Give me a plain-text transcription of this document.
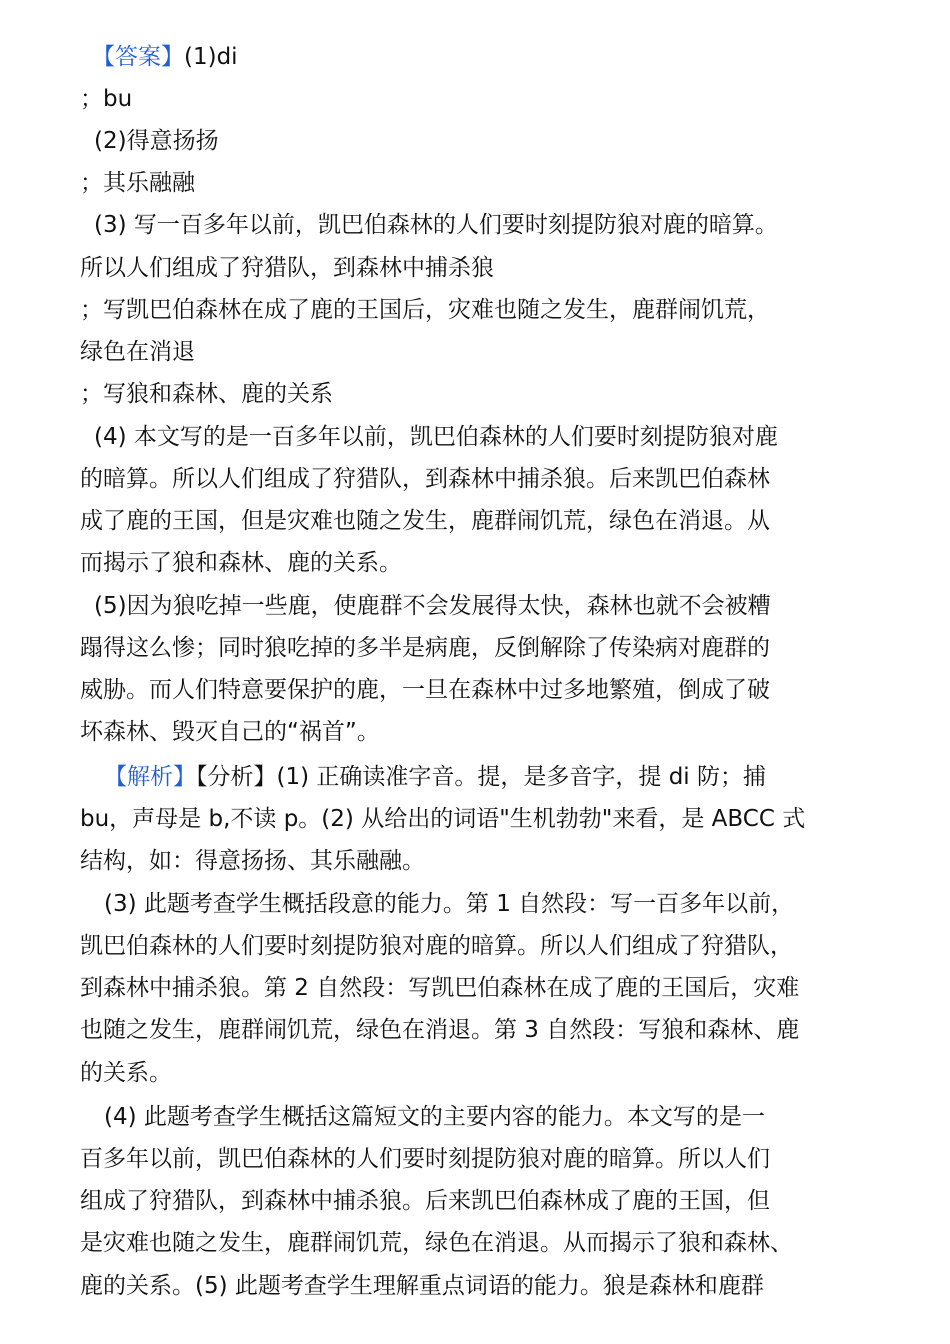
【答案】(1)di
；bu
(2)得意扬扬
；其乐融融
(3) 写一百多年以前，凯巴伯森林的人们要时刻提防狼对鹿的暗算。
所以人们组成了狩猎队，到森林中捕杀狼
；写凯巴伯森林在成了鹿的王国后，灾难也随之发生，鹿群闹饥荒，
绿色在消退
；写狼和森林、鹿的关系
(4) 本文写的是一百多年以前，凯巴伯森林的人们要时刻提防狼对鹿
的暗算。所以人们组成了狩猎队，到森林中捕杀狼。后来凯巴伯森林
成了鹿的王国，但是灾难也随之发生，鹿群闹饥荒，绿色在消退。从
而揭示了狼和森林、鹿的关系。
(5)因为狼吃掉一些鹿，使鹿群不会发展得太快，森林也就不会被糟
蹋得这么惨；同时狼吃掉的多半是病鹿，反倒解除了传染病对鹿群的
威胁。而人们特意要保护的鹿，一旦在森林中过多地繁殖，倒成了破
坏森林、毁灭自己的“祸首”。
【解析】【分析】(1) 正确读准字音。提，是多音字，提 di 防；捕
bu，声母是 b,不读 p。(2) 从给出的词语"生机勃勃"来看，是 ABCC 式
结构，如：得意扬扬、其乐融融。
(3) 此题考查学生概括段意的能力。第 1 自然段：写一百多年以前，
凯巴伯森林的人们要时刻提防狼对鹿的暗算。所以人们组成了狩猎队，
到森林中捕杀狼。第 2 自然段：写凯巴伯森林在成了鹿的王国后，灾难
也随之发生，鹿群闹饥荒，绿色在消退。第 3 自然段：写狼和森林、鹿
的关系。
(4) 此题考查学生概括这篇短文的主要内容的能力。本文写的是一
百多年以前，凯巴伯森林的人们要时刻提防狼对鹿的暗算。所以人们
组成了狩猎队，到森林中捕杀狼。后来凯巴伯森林成了鹿的王国，但
是灾难也随之发生，鹿群闹饥荒，绿色在消退。从而揭示了狼和森林、
鹿的关系。(5) 此题考查学生理解重点词语的能力。狼是森林和鹿群
